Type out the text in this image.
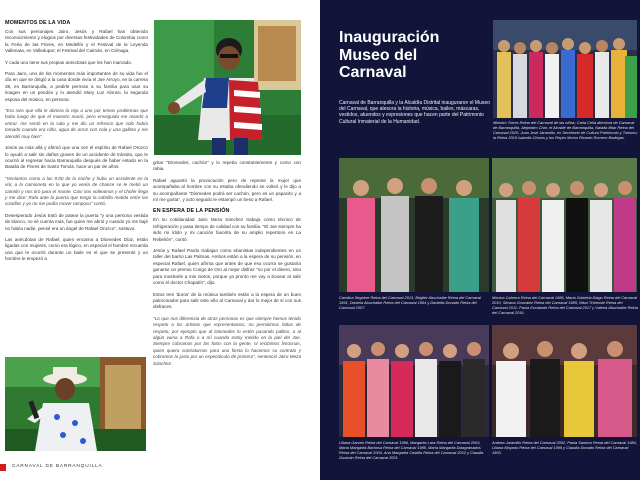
MOMENTOS DE LA VIDA

Con sus personajes Jairo, Jesús y Rafael han obtenido reconocimiento y elogios por diversas festividades de Colombia como la Feria de las Flores, en Medellín y el Festival de la Leyenda Vallenata, en Valledupar; el Festival del Caimán, en Ciénaga.

Y cada uno tiene sus propias anécdotas que los han marcado.

Para Jairo, uno de los momentos más importantes de su vida fue el día en que se dirigió a la casa donde vivía el Joe Arroyo, en la carrera 38, en Barranquilla, a pedirle permiso a su familia para usar su imagen en un pendón y lo atendió Mary Luz Alonso, la segunda esposa del músico, en persona.

"Era raro que ella le abriera la reja a uno por temas problemas que hubo luego de que el maestro murió, pero enseguida me mandó a entrar, me sentó en la sala y me dio un refresco que solo había tomado cuando era niño, agua de arroz con cola y una galleta y me atendió muy bien".

Jesús va más allá y afirmó que una vez el espíritu de Rafael Orozco lo ayudó a salir sin daños graves de un accidente de tránsito, que le ocurrió al regresar hacia Barranquilla después de haber estado en la Batalla de Flores de Santo Tomás, hace un par de años.

"Veníamos como a las 8:00 de la noche y hubo un accidente en la vía; a la camioneta en la que yo venía de chance se le metió un camión y nos tiró para el monte. Casi nos volteamos y el chofer llega y me dice: Rafa ante la puerta que tengo la cabrilla metida entre las costillas y yo no me podía mover tampoco" contó.

Desesperado Jesús trató de patear la puerta "y una persona vestida de blanco, no sé cuenta más, fue quien me abrió y cuando yo me bajé no había nadie, pensé era un ángel de Rafael Orozco", sostuvo.

Las anécdotas de Rafael, quien encarna a Diomedes Díaz, están ligadas con mujeres, como era lógico, en especial el hombre recuerda una que le ocurrió durante un baile en el que se presentó y un hombre le empezó a

gritar "Diomedes, cachón" y lo repetía constantemente y como con rabia.

Rafael aguantó la provocación pero de repente la mujer que acompañaba al hombre con su estaba ofendiendo se volteó y le dijo a su acompañante "Diomedes podrá ser cachón, pero es un papacito y a mí me gusta", y acto seguido le estampó un beso a Rafael.

EN ESPERA DE LA PENSIÓN

En su cotidianidad Jairo Meza Sánchez trabaja como técnico de refrigeración y pasa tiempo de calidad con su familia. "El Joe siempre ha sido mi ídolo y mi canción favorita de su amplio repertorio es La Rebelión", contó.

Jesús y Rafael Pardo trabajan como ebanistas independientes en un taller del barrio Las Palmas. Ambos están a la espera de su pensión, en especial Rafael, quien afirma que antes de que eso ocurra se gustaría ganarse un premio Congo de Oro al mejor disfraz "no por el dinero, sino para mostrarle a mis nietos, porque ya pronto me voy a boxear al salir como el doctor Chapatín", dijo.

Estos tres 'duros' de la música también están a la espera de un buen patrocinador para salir este año al Carnaval y dar lo mejor de sí con sus disfraces.

"Lo que nos diferencia de otras personas es que siempre hemos tenido respeto a los artistas que representamos, no permitimos faltas de respeto; por ejemplo que al Diomedes lo estén pasando palitos, o al algún vaina a Rafa o a mí cuando estoy metido en la piel del Joe. Siempre cobramos por las fotos con la gente, ni recibimos limosnas, quien quiera contratarnos para una fiesta lo hacemos su contrato y cobramos lo justo por un espectáculo de primera", sentenció Jairo Meza Sánchez.

CARNAVAL DE BARRANQUILLA
Inauguración
Museo del
Carnaval

Carnaval de Barranquilla y la Alcaldía Distrital inauguraron el Museo del Carnaval, que atesora la historia, música, bailes, máscaras, vestidos, atuendos y expresiones que hacen parte del Patrimonio Cultural Inmaterial de la Humanidad.	Ministro Torres Reina del Carnaval de las niñas; Carla Celia directora de Carnaval de Barranquilla, Alejandro Char, el Alcalde de Barranquilla, Natalia Bitar Reina del Carnaval 2020, Juan José Jaramillo, ex Secretario de Cultura Patrimonio y Turismo; la Reina 2019 Isabella Chams y los Reyes Momo Ricardo Romero Bodegas.

Carolina Segebre Reina del Carnaval 2013, Brigitte Abuchaibe Reina del Carnaval 1991, Daniela Abuchaibe Reina del Carnaval 1994 y Daniella Donado Reina del Carnaval 2007.

Mónica Cabrera Reina del Carnaval 1986, María Gabriela Diago Reina del Carnaval 2010, Silvana Gonzalez Reina del Carnaval 1985, Nikol Tchiessle Reina del Carnaval 2011, Paula Escalante Reina del Carnaval 2017 y Valeria Abuchaibe Reina del Carnaval 2016.

Liliana Garzón Reina del Carnaval 1996, Margarita Lara Reina del Carnaval 2003, María Margarita Barbosa Reina del Carnaval 1988, María Margarita Diazgranados Reina del Carnaval 2004, Ana Margarita Castilla Reina del Carnaval 2012 y Claudia Guzmán Reina del Carnaval 2001.

Andrea Jaramillo Reina del Carnaval 2002, Paola Santoro Reina del Carnaval 1984, Liliana Moyano Reina del Carnaval 1999 y Claudia Donado Reina del Carnaval 1993.
